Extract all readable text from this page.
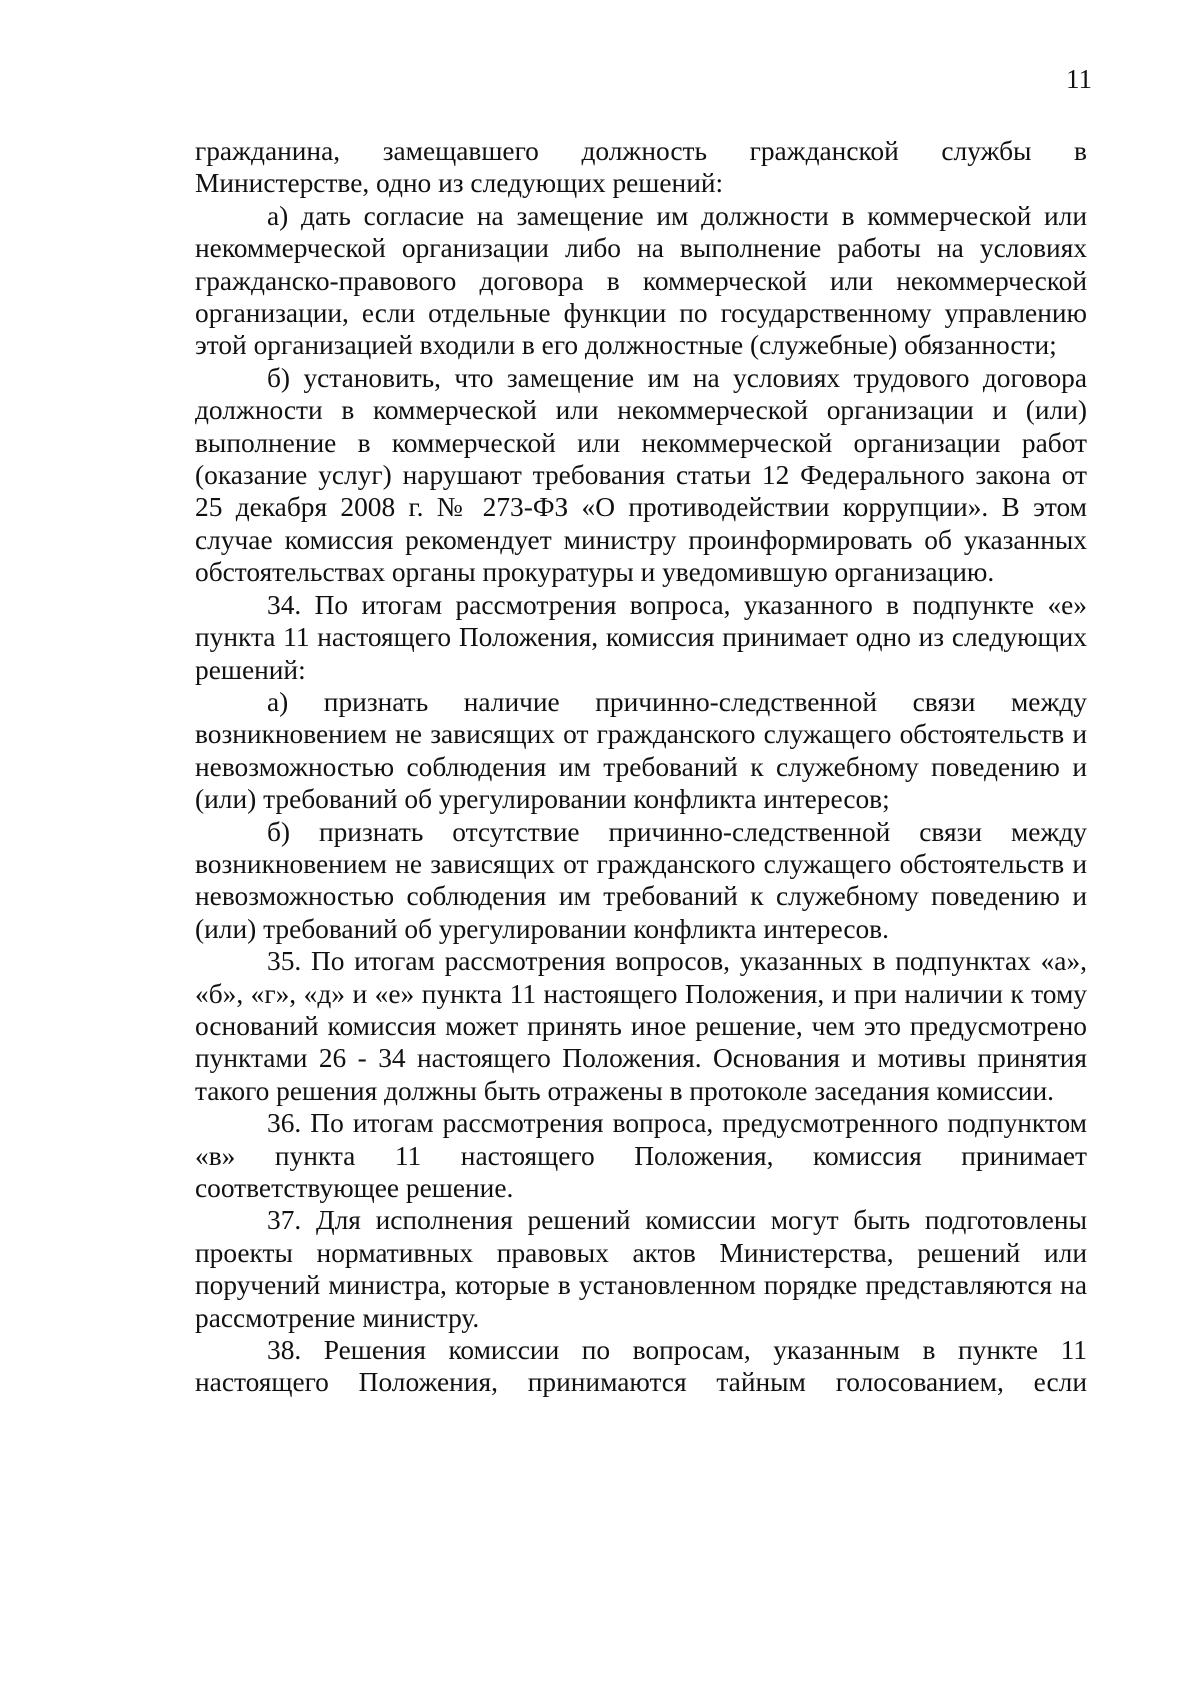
11

гражданина, замещавшего должность гражданской службы в Министерстве, одно из следующих решений:

а) дать согласие на замещение им должности в коммерческой или некоммерческой организации либо на выполнение работы на условиях гражданско-правового договора в коммерческой или некоммерческой организации, если отдельные функции по государственному управлению этой организацией входили в его должностные (служебные) обязанности;

б) установить, что замещение им на условиях трудового договора должности в коммерческой или некоммерческой организации и (или) выполнение в коммерческой или некоммерческой организации работ (оказание услуг) нарушают требования статьи 12 Федерального закона от 25 декабря 2008 г. № 273-ФЗ «О противодействии коррупции». В этом случае комиссия рекомендует министру проинформировать об указанных обстоятельствах органы прокуратуры и уведомившую организацию.

34. По итогам рассмотрения вопроса, указанного в подпункте «е» пункта 11 настоящего Положения, комиссия принимает одно из следующих решений:

а) признать наличие причинно-следственной связи между возникновением не зависящих от гражданского служащего обстоятельств и невозможностью соблюдения им требований к служебному поведению и (или) требований об урегулировании конфликта интересов;

б) признать отсутствие причинно-следственной связи между возникновением не зависящих от гражданского служащего обстоятельств и невозможностью соблюдения им требований к служебному поведению и (или) требований об урегулировании конфликта интересов.

35. По итогам рассмотрения вопросов, указанных в подпунктах «а», «б», «г», «д» и «е» пункта 11 настоящего Положения, и при наличии к тому оснований комиссия может принять иное решение, чем это предусмотрено пунктами 26 - 34 настоящего Положения. Основания и мотивы принятия такого решения должны быть отражены в протоколе заседания комиссии.

36. По итогам рассмотрения вопроса, предусмотренного подпунктом «в» пункта 11 настоящего Положения, комиссия принимает соответствующее решение.

37. Для исполнения решений комиссии могут быть подготовлены проекты нормативных правовых актов Министерства, решений или поручений министра, которые в установленном порядке представляются на рассмотрение министру.

38. Решения комиссии по вопросам, указанным в пункте 11 настоящего Положения, принимаются тайным голосованием, если
